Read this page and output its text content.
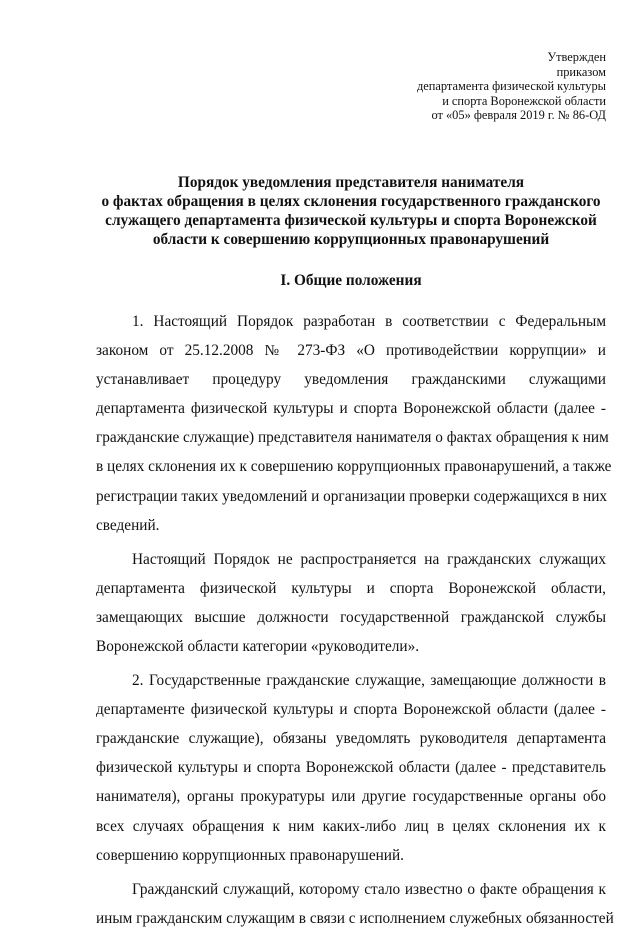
Утвержден
приказом
департамента физической культуры
и спорта Воронежской области
от «05» февраля 2019 г. № 86-ОД
Порядок уведомления представителя нанимателя
о фактах обращения в целях склонения государственного гражданского
служащего департамента физической культуры и спорта Воронежской
области к совершению коррупционных правонарушений
I. Общие положения
1. Настоящий Порядок разработан в соответствии с Федеральным
законом от 25.12.2008 № 273-ФЗ «О противодействии коррупции» и
устанавливает процедуру уведомления гражданскими служащими
департамента физической культуры и спорта Воронежской области (далее -
гражданские служащие) представителя нанимателя о фактах обращения к ним
в целях склонения их к совершению коррупционных правонарушений, а также
регистрации таких уведомлений и организации проверки содержащихся в них
сведений.
Настоящий Порядок не распространяется на гражданских служащих
департамента физической культуры и спорта Воронежской области,
замещающих высшие должности государственной гражданской службы
Воронежской области категории «руководители».
2. Государственные гражданские служащие, замещающие должности в
департаменте физической культуры и спорта Воронежской области (далее -
гражданские служащие), обязаны уведомлять руководителя департамента
физической культуры и спорта Воронежской области (далее - представитель
нанимателя), органы прокуратуры или другие государственные органы обо
всех случаях обращения к ним каких-либо лиц в целях склонения их к
совершению коррупционных правонарушений.
Гражданский служащий, которому стало известно о факте обращения к
иным гражданским служащим в связи с исполнением служебных обязанностей
